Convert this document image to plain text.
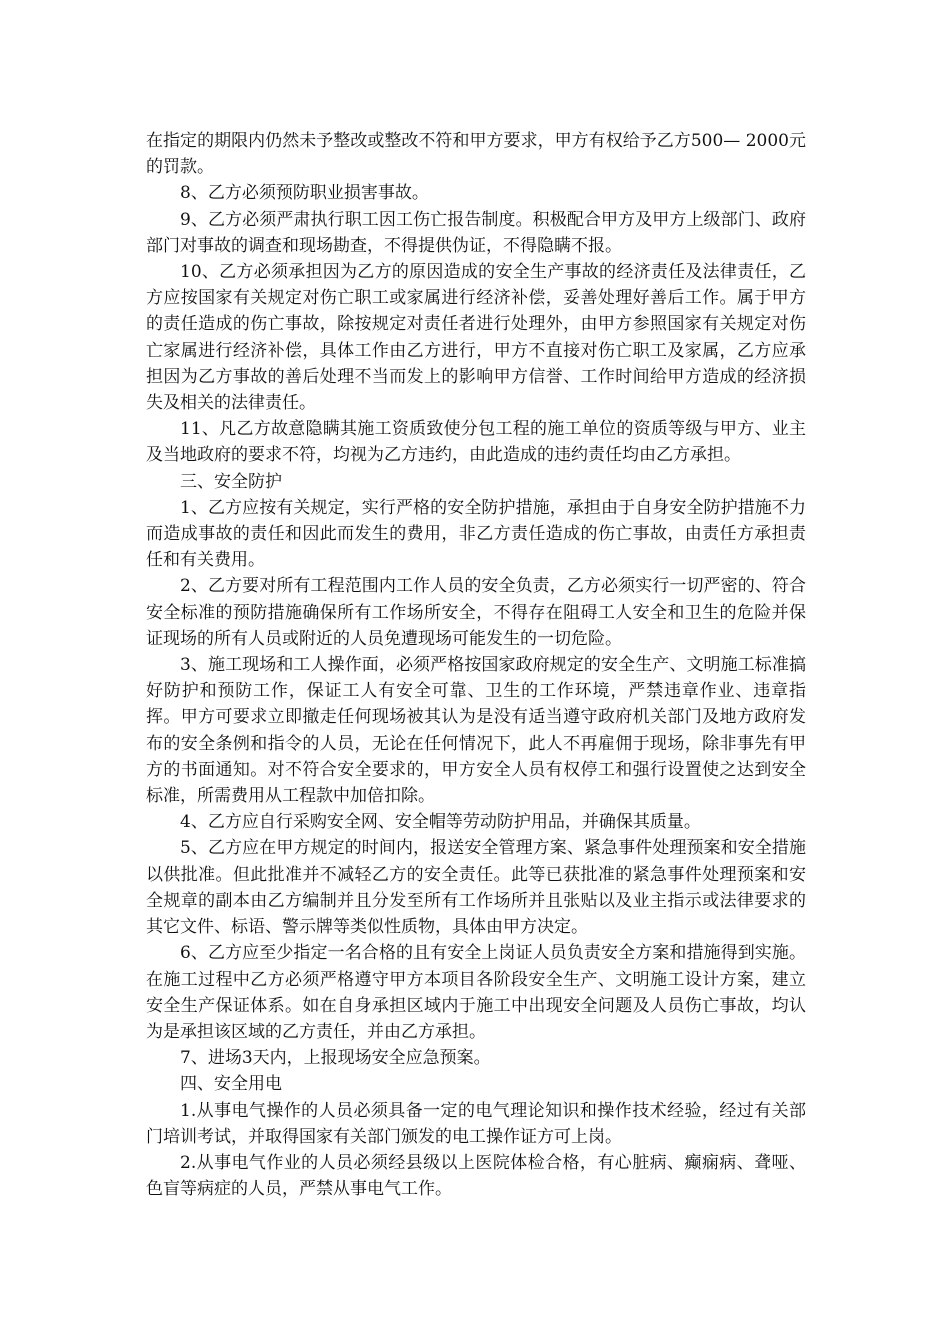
在指定的期限内仍然未予整改或整改不符和甲方要求，甲方有权给予乙方500— 2000元的罚款。

8、乙方必须预防职业损害事故。

9、乙方必须严肃执行职工因工伤亡报告制度。积极配合甲方及甲方上级部门、政府部门对事故的调查和现场勘查，不得提供伪证，不得隐瞒不报。

10、乙方必须承担因为乙方的原因造成的安全生产事故的经济责任及法律责任，乙方应按国家有关规定对伤亡职工或家属进行经济补偿，妥善处理好善后工作。属于甲方的责任造成的伤亡事故，除按规定对责任者进行处理外，由甲方参照国家有关规定对伤亡家属进行经济补偿，具体工作由乙方进行，甲方不直接对伤亡职工及家属，乙方应承担因为乙方事故的善后处理不当而发上的影响甲方信誉、工作时间给甲方造成的经济损失及相关的法律责任。

11、凡乙方故意隐瞒其施工资质致使分包工程的施工单位的资质等级与甲方、业主及当地政府的要求不符，均视为乙方违约，由此造成的违约责任均由乙方承担。

三、安全防护

1、乙方应按有关规定，实行严格的安全防护措施，承担由于自身安全防护措施不力而造成事故的责任和因此而发生的费用，非乙方责任造成的伤亡事故，由责任方承担责任和有关费用。

2、乙方要对所有工程范围内工作人员的安全负责，乙方必须实行一切严密的、符合安全标准的预防措施确保所有工作场所安全，不得存在阻碍工人安全和卫生的危险并保证现场的所有人员或附近的人员免遭现场可能发生的一切危险。

3、施工现场和工人操作面，必须严格按国家政府规定的安全生产、文明施工标准搞好防护和预防工作，保证工人有安全可靠、卫生的工作环境，严禁违章作业、违章指挥。甲方可要求立即撤走任何现场被其认为是没有适当遵守政府机关部门及地方政府发布的安全条例和指令的人员，无论在任何情况下，此人不再雇佣于现场，除非事先有甲方的书面通知。对不符合安全要求的，甲方安全人员有权停工和强行设置使之达到安全标准，所需费用从工程款中加倍扣除。

4、乙方应自行采购安全网、安全帽等劳动防护用品，并确保其质量。

5、乙方应在甲方规定的时间内，报送安全管理方案、紧急事件处理预案和安全措施以供批准。但此批准并不减轻乙方的安全责任。此等已获批准的紧急事件处理预案和安全规章的副本由乙方编制并且分发至所有工作场所并且张贴以及业主指示或法律要求的其它文件、标语、警示牌等类似性质物，具体由甲方决定。

6、乙方应至少指定一名合格的且有安全上岗证人员负责安全方案和措施得到实施。在施工过程中乙方必须严格遵守甲方本项目各阶段安全生产、文明施工设计方案，建立安全生产保证体系。如在自身承担区域内于施工中出现安全问题及人员伤亡事故，均认为是承担该区域的乙方责任，并由乙方承担。

7、进场3天内，上报现场安全应急预案。

四、安全用电

1.从事电气操作的人员必须具备一定的电气理论知识和操作技术经验，经过有关部门培训考试，并取得国家有关部门颁发的电工操作证方可上岗。

2.从事电气作业的人员必须经县级以上医院体检合格，有心脏病、癫痫病、聋哑、色盲等病症的人员，严禁从事电气工作。
